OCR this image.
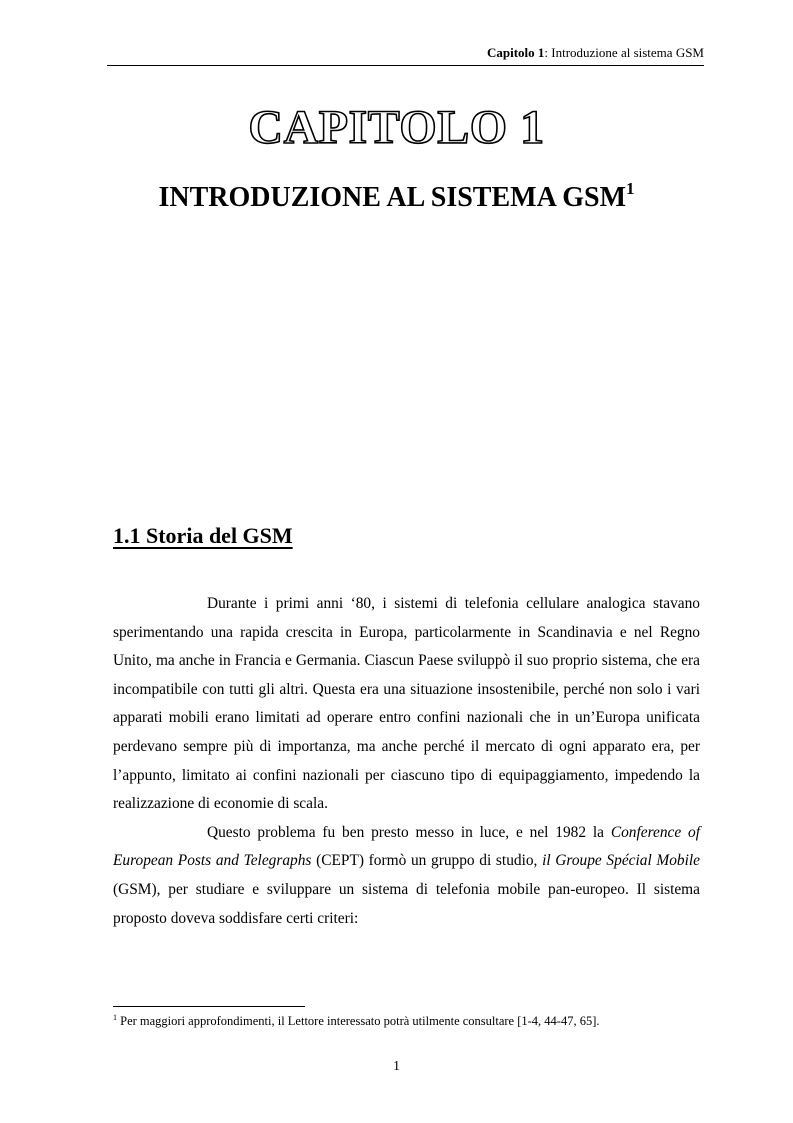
Capitolo 1: Introduzione al sistema GSM
CAPITOLO 1
INTRODUZIONE AL SISTEMA GSM$^1$
1.1 Storia del GSM

Durante i primi anni ‘80, i sistemi di telefonia cellulare analogica stavano sperimentando una rapida crescita in Europa, particolarmente in Scandinavia e nel Regno Unito, ma anche in Francia e Germania. Ciascun Paese sviluppò il suo proprio sistema, che era incompatibile con tutti gli altri. Questa era una situazione insostenibile, perché non solo i vari apparati mobili erano limitati ad operare entro confini nazionali che in un’Europa unificata perdevano sempre più di importanza, ma anche perché il mercato di ogni apparato era, per l’appunto, limitato ai confini nazionali per ciascuno tipo di equipaggiamento, impedendo la realizzazione di economie di scala.

Questo problema fu ben presto messo in luce, e nel 1982 la Conference of European Posts and Telegraphs (CEPT) formò un gruppo di studio, il Groupe Spécial Mobile (GSM), per studiare e sviluppare un sistema di telefonia mobile pan-europeo. Il sistema proposto doveva soddisfare certi criteri:

$^1$ Per maggiori approfondimenti, il Lettore interessato potrà utilmente consultare [1-4, 44-47, 65].
1
